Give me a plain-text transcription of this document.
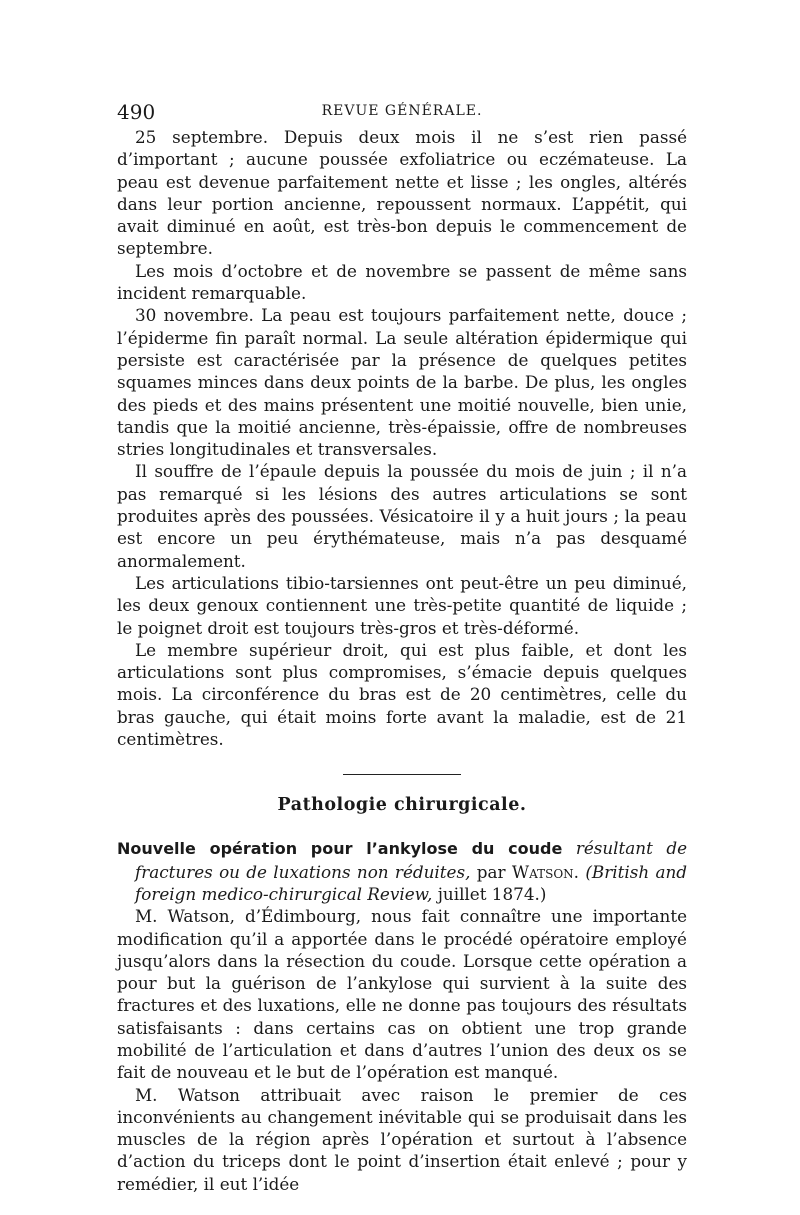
490	REVUE GÉNÉRALE.

25 septembre. Depuis deux mois il ne s’est rien passé d’important ; aucune poussée exfoliatrice ou eczémateuse. La peau est devenue parfaitement nette et lisse ; les ongles, altérés dans leur portion ancienne, repoussent normaux. L’appétit, qui avait diminué en août, est très-bon depuis le commencement de septembre.

Les mois d’octobre et de novembre se passent de même sans incident remarquable.

30 novembre. La peau est toujours parfaitement nette, douce ; l’épiderme fin paraît normal. La seule altération épidermique qui persiste est caractérisée par la présence de quelques petites squames minces dans deux points de la barbe. De plus, les ongles des pieds et des mains présentent une moitié nouvelle, bien unie, tandis que la moitié ancienne, très-épaissie, offre de nombreuses stries longitudinales et transversales.

Il souffre de l’épaule depuis la poussée du mois de juin ; il n’a pas remarqué si les lésions des autres articulations se sont produites après des poussées. Vésicatoire il y a huit jours ; la peau est encore un peu érythémateuse, mais n’a pas desquamé anormalement.

Les articulations tibio-tarsiennes ont peut-être un peu diminué, les deux genoux contiennent une très-petite quantité de liquide ; le poignet droit est toujours très-gros et très-déformé.

Le membre supérieur droit, qui est plus faible, et dont les articulations sont plus compromises, s’émacie depuis quelques mois. La circonférence du bras est de 20 centimètres, celle du bras gauche, qui était moins forte avant la maladie, est de 21 centimètres.

Pathologie chirurgicale.
Nouvelle opération pour l’ankylose du coude résultant de fractures ou de luxations non réduites, par Watson. (British and foreign medico-chirurgical Review, juillet 1874.)

M. Watson, d’Édimbourg, nous fait connaître une importante modification qu’il a apportée dans le procédé opératoire employé jusqu’alors dans la résection du coude. Lorsque cette opération a pour but la guérison de l’ankylose qui survient à la suite des fractures et des luxations, elle ne donne pas toujours des résultats satisfaisants : dans certains cas on obtient une trop grande mobilité de l’articulation et dans d’autres l’union des deux os se fait de nouveau et le but de l’opération est manqué.

M. Watson attribuait avec raison le premier de ces inconvénients au changement inévitable qui se produisait dans les muscles de la région après l’opération et surtout à l’absence d’action du triceps dont le point d’insertion était enlevé ; pour y remédier, il eut l’idée
